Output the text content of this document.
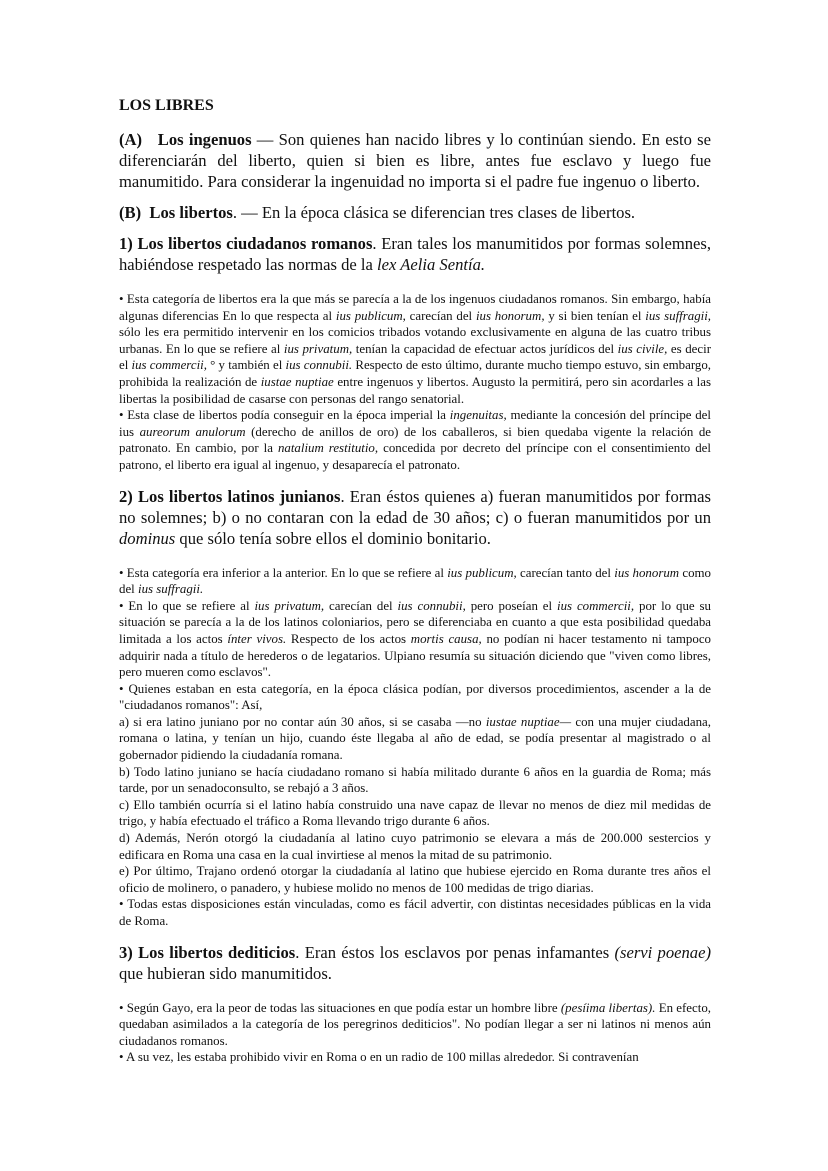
LOS LIBRES

(A) Los ingenuos — Son quienes han nacido libres y lo continúan siendo. En esto se diferenciarán del liberto, quien si bien es libre, antes fue esclavo y luego fue manumitido. Para considerar la ingenuidad no importa si el padre fue ingenuo o liberto.

(B) Los libertos. — En la época clásica se diferencian tres clases de libertos.

1) Los libertos ciudadanos romanos. Eran tales los manumitidos por formas solemnes, habiéndose respetado las normas de la lex Aelia Sentía.

• Esta categoría de libertos era la que más se parecía a la de los ingenuos ciudadanos romanos. Sin embargo, había algunas diferencias En lo que respecta al ius publicum, carecían del ius honorum, y si bien tenían el ius suffragii, sólo les era permitido intervenir en los comicios tribados votando exclusivamente en alguna de las cuatro tribus urbanas. En lo que se refiere al ius privatum, tenían la capacidad de efectuar actos jurídicos del ius civile, es decir el ius commercii, ° y también el ius connubii. Respecto de esto último, durante mucho tiempo estuvo, sin embargo, prohibida la realización de iustae nuptiae entre ingenuos y libertos. Augusto la permitirá, pero sin acordarles a las libertas la posibilidad de casarse con personas del rango senatorial.

• Esta clase de libertos podía conseguir en la época imperial la ingenuitas, mediante la concesión del príncipe del ius aureorum anulorum (derecho de anillos de oro) de los caballeros, si bien quedaba vigente la relación de patronato. En cambio, por la natalium restitutio, concedida por decreto del príncipe con el consentimiento del patrono, el liberto era igual al ingenuo, y desaparecía el patronato.

2) Los libertos latinos junianos. Eran éstos quienes a) fueran manumitidos por formas no solemnes; b) o no contaran con la edad de 30 años; c) o fueran manumitidos por un dominus que sólo tenía sobre ellos el dominio bonitario.

• Esta categoría era inferior a la anterior. En lo que se refiere al ius publicum, carecían tanto del ius honorum como del ius suffragii.

• En lo que se refiere al ius privatum, carecían del ius connubii, pero poseían el ius commercii, por lo que su situación se parecía a la de los latinos coloniarios, pero se diferenciaba en cuanto a que esta posibilidad quedaba limitada a los actos ínter vivos. Respecto de los actos mortis causa, no podían ni hacer testamento ni tampoco adquirir nada a título de herederos o de legatarios. Ulpiano resumía su situación diciendo que "viven como libres, pero mueren como esclavos".

• Quienes estaban en esta categoría, en la época clásica podían, por diversos procedimientos, ascender a la de "ciudadanos romanos": Así,

a) si era latino juniano por no contar aún 30 años, si se casaba —no iustae nuptiae— con una mujer ciudadana, romana o latina, y tenían un hijo, cuando éste llegaba al año de edad, se podía presentar al magistrado o al gobernador pidiendo la ciudadanía romana.

b) Todo latino juniano se hacía ciudadano romano si había militado durante 6 años en la guardia de Roma; más tarde, por un senadoconsulto, se rebajó a 3 años.

c) Ello también ocurría si el latino había construido una nave capaz de llevar no menos de diez mil medidas de trigo, y había efectuado el tráfico a Roma llevando trigo durante 6 años.

d) Además, Nerón otorgó la ciudadanía al latino cuyo patrimonio se elevara a más de 200.000 sestercios y edificara en Roma una casa en la cual invirtiese al menos la mitad de su patrimonio.

e) Por último, Trajano ordenó otorgar la ciudadanía al latino que hubiese ejercido en Roma durante tres años el oficio de molinero, o panadero, y hubiese molido no menos de 100 medidas de trigo diarias.

• Todas estas disposiciones están vinculadas, como es fácil advertir, con distintas necesidades públicas en la vida de Roma.

3) Los libertos dediticios. Eran éstos los esclavos por penas infamantes (servi poenae) que hubieran sido manumitidos.

• Según Gayo, era la peor de todas las situaciones en que podía estar un hombre libre (pesíima libertas). En efecto, quedaban asimilados a la categoría de los peregrinos dediticios". No podían llegar a ser ni latinos ni menos aún ciudadanos romanos.

• A su vez, les estaba prohibido vivir en Roma o en un radio de 100 millas alrededor. Si contravenían
